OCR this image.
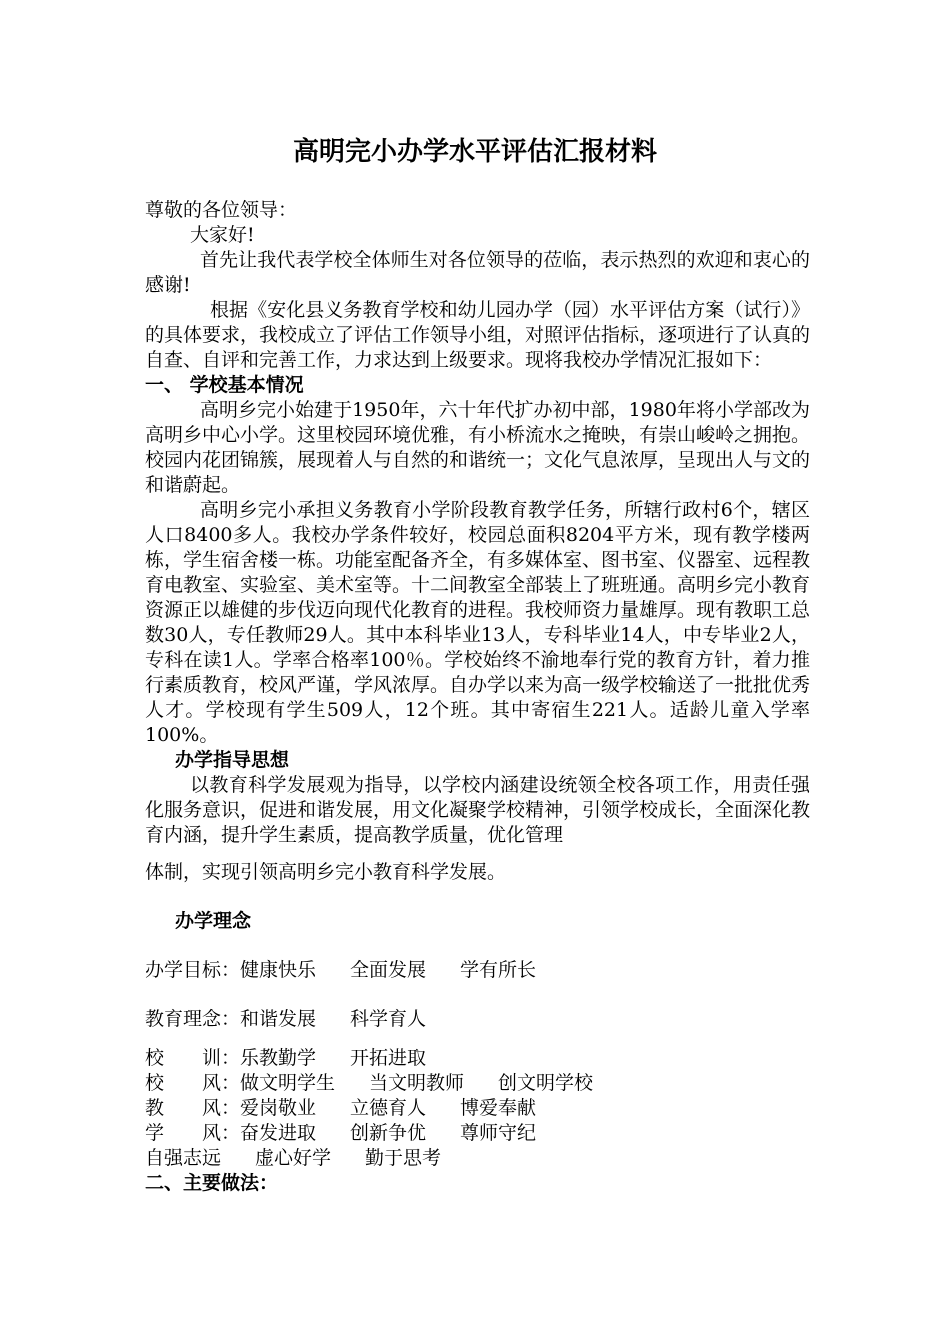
高明完小办学水平评估汇报材料

尊敬的各位领导：

大家好!

首先让我代表学校全体师生对各位领导的莅临，表示热烈的欢迎和衷心的感谢!

根据《安化县义务教育学校和幼儿园办学（园）水平评估方案（试行）》的具体要求，我校成立了评估工作领导小组，对照评估指标，逐项进行了认真的自查、自评和完善工作，力求达到上级要求。现将我校办学情况汇报如下：

一、 学校基本情况

高明乡完小始建于1950年，六十年代扩办初中部，1980年将小学部改为高明乡中心小学。这里校园环境优雅，有小桥流水之掩映，有崇山峻岭之拥抱。校园内花团锦簇，展现着人与自然的和谐统一；文化气息浓厚，呈现出人与文的和谐蔚起。

高明乡完小承担义务教育小学阶段教育教学任务，所辖行政村6个，辖区人口8400多人。我校办学条件较好，校园总面积8204平方米，现有教学楼两栋，学生宿舍楼一栋。功能室配备齐全，有多媒体室、图书室、仪器室、远程教育电教室、实验室、美术室等。十二间教室全部装上了班班通。高明乡完小教育资源正以雄健的步伐迈向现代化教育的进程。我校师资力量雄厚。现有教职工总数30人，专任教师29人。其中本科毕业13人，专科毕业14人，中专毕业2人，专科在读1人。学率合格率100％。学校始终不渝地奉行党的教育方针，着力推行素质教育，校风严谨，学风浓厚。自办学以来为高一级学校输送了一批批优秀人才。学校现有学生509人，12个班。其中寄宿生221人。适龄儿童入学率100%。

办学指导思想

以教育科学发展观为指导，以学校内涵建设统领全校各项工作，用责任强化服务意识，促进和谐发展，用文化凝聚学校精神，引领学校成长，全面深化教育内涵，提升学生素质，提高教学质量，优化管理

体制，实现引领高明乡完小教育科学发展。

办学理念

办学目标：健康快乐 全面发展 学有所长

教育理念：和谐发展 科学育人

校　　训：乐教勤学 开拓进取

校　　风：做文明学生 当文明教师 创文明学校

教　　风：爱岗敬业 立德育人 博爱奉献

学　　风：奋发进取 创新争优 尊师守纪

自强志远 虚心好学 勤于思考

二、主要做法：
